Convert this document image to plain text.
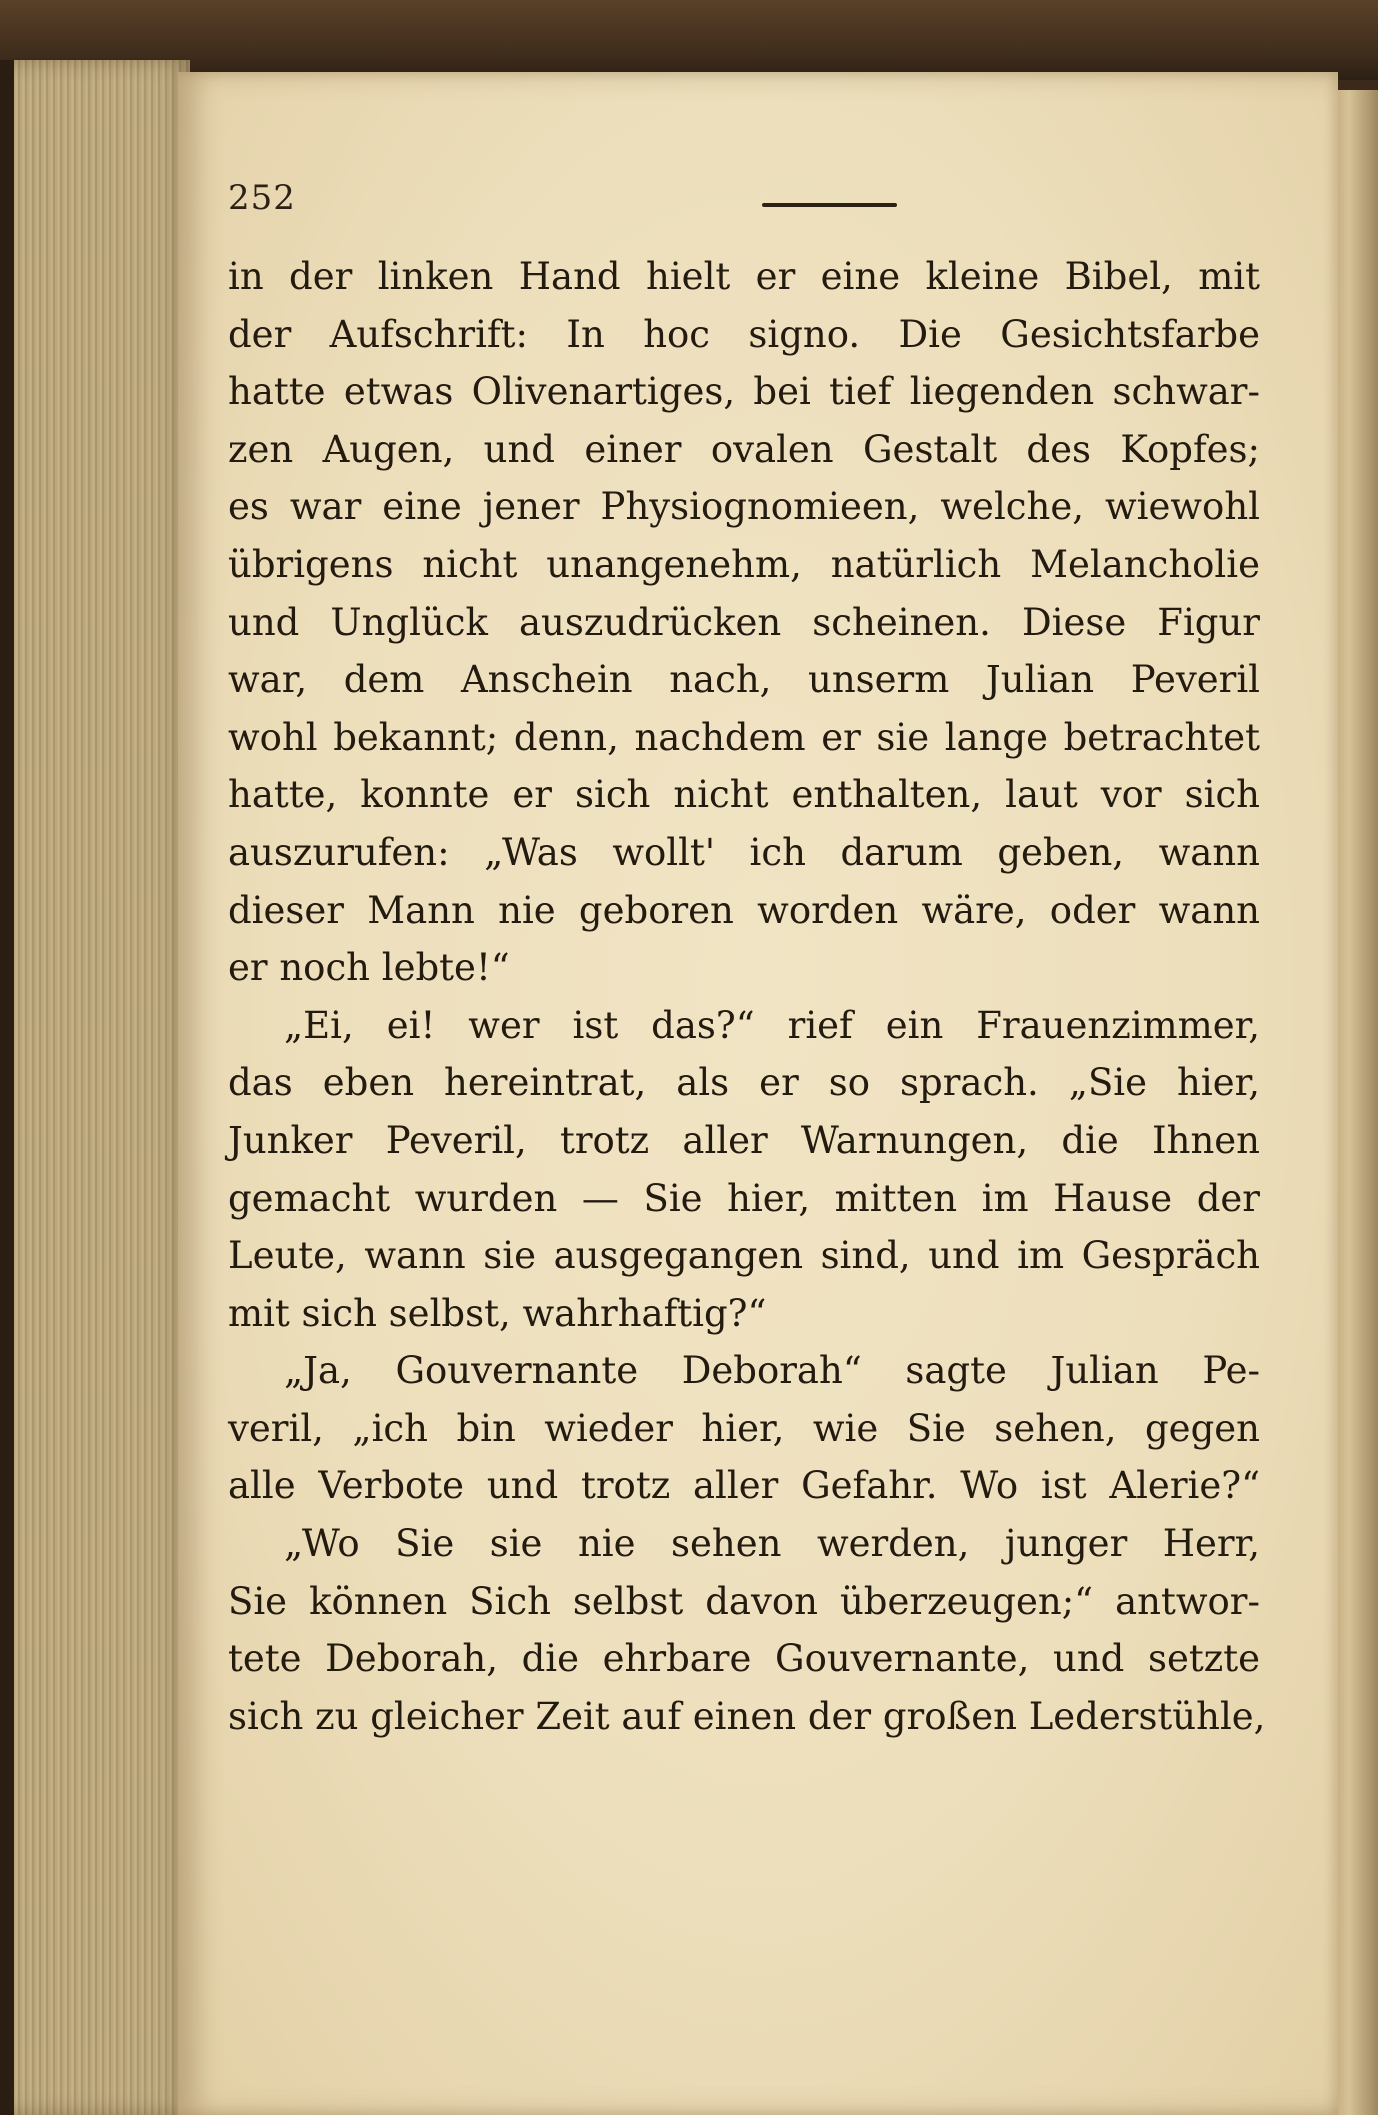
252
in der linken Hand hielt er eine kleine Bibel, mit
der Aufschrift: In hoc signo. Die Gesichtsfarbe
hatte etwas Olivenartiges, bei tief liegenden schwar-
zen Augen, und einer ovalen Gestalt des Kopfes;
es war eine jener Physiognomieen, welche, wiewohl
übrigens nicht unangenehm, natürlich Melancholie
und Unglück auszudrücken scheinen. Diese Figur
war, dem Anschein nach, unserm Julian Peveril
wohl bekannt; denn, nachdem er sie lange betrachtet
hatte, konnte er sich nicht enthalten, laut vor sich
auszurufen: „Was wollt' ich darum geben, wann
dieser Mann nie geboren worden wäre, oder wann
er noch lebte!“
„Ei, ei! wer ist das?“ rief ein Frauenzimmer,
das eben hereintrat, als er so sprach. „Sie hier,
Junker Peveril, trotz aller Warnungen, die Ihnen
gemacht wurden — Sie hier, mitten im Hause der
Leute, wann sie ausgegangen sind, und im Gespräch
mit sich selbst, wahrhaftig?“
„Ja, Gouvernante Deborah“ sagte Julian Pe-
veril, „ich bin wieder hier, wie Sie sehen, gegen
alle Verbote und trotz aller Gefahr. Wo ist Alerie?“
„Wo Sie sie nie sehen werden, junger Herr,
Sie können Sich selbst davon überzeugen;“ antwor-
tete Deborah, die ehrbare Gouvernante, und setzte
sich zu gleicher Zeit auf einen der großen Lederstühle,
